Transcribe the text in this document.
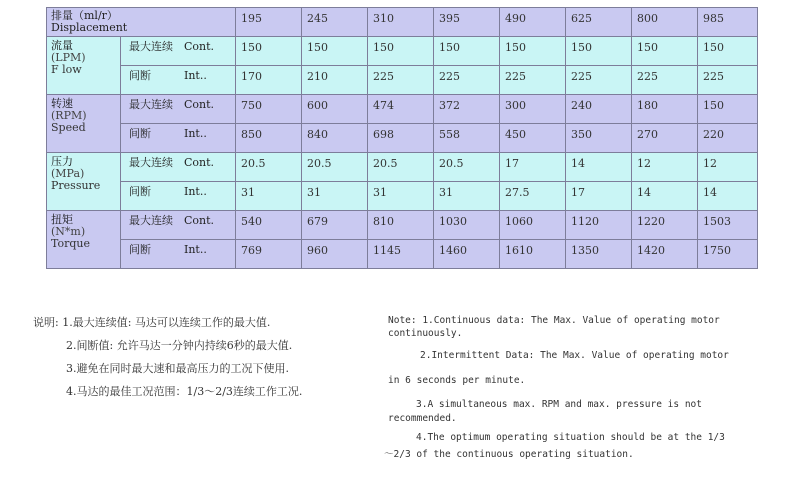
排量（ml/r）
Displacement		195	245	310	395	490	625	800	985

流量
(LPM)
F low	最大连续 Cont.	150	150	150	150	150	150	150	150
	间断 Int..	170	210	225	225	225	225	225	225

转速
(RPM)
Speed	最大连续 Cont.	750	600	474	372	300	240	180	150
	间断 Int..	850	840	698	558	450	350	270	220

压力
(MPa)
Pressure	最大连续 Cont.	20.5	20.5	20.5	20.5	17	14	12	12
	间断 Int..	31	31	31	31	27.5	17	14	14

扭矩
(N*m)
Torque	最大连续 Cont.	540	679	810	1030	1060	1120	1220	1503
	间断 Int..	769	960	1145	1460	1610	1350	1420	1750
说明: 1.最大连续值: 马达可以连续工作的最大值.
2.间断值: 允许马达一分钟内持续6秒的最大值.
3.避免在同时最大速和最高压力的工况下使用.
4.马达的最佳工况范围：1/3～2/3连续工作工况.
Note: 1.Continuous data: The Max. Value of operating motor
continuously.
2.Intermittent Data: The Max. Value of operating motor
in 6 seconds per minute.
3.A simultaneous max. RPM and max. pressure is not
recommended.
4.The optimum operating situation should be at the 1/3
～2/3 of the continuous operating situation.
